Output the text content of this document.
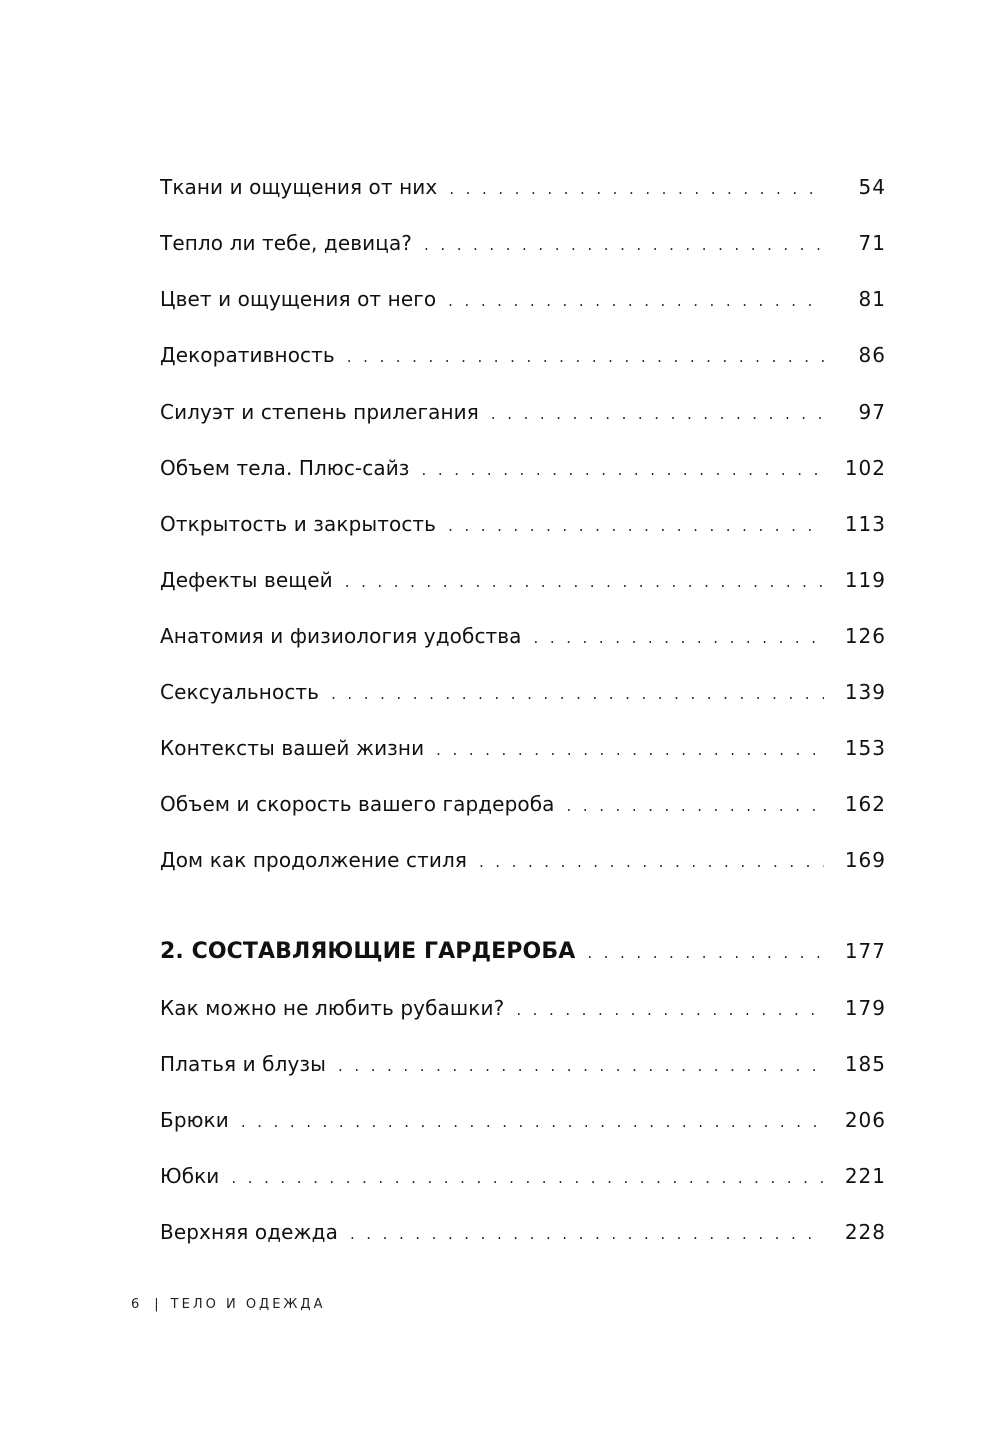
Ткани и ощущения от них . . .	54
Тепло ли тебе, девица? . . .	71
Цвет и ощущения от него . . .	81
Декоративность . . .	86
Силуэт и степень прилегания . . .	97
Объем тела. Плюс-сайз . . .	102
Открытость и закрытость . . .	113
Дефекты вещей . . .	119
Анатомия и физиология удобства . . .	126
Сексуальность . . .	139
Контексты вашей жизни . . .	153
Объем и скорость вашего гардероба . . .	162
Дом как продолжение стиля . . .	169
2. СОСТАВЛЯЮЩИЕ ГАРДЕРОБА . . .	177
Как можно не любить рубашки? . . .	179
Платья и блузы . . .	185
Брюки . . .	206
Юбки . . .	221
Верхняя одежда . . .	228
6 | ТЕЛО И ОДЕЖДА
